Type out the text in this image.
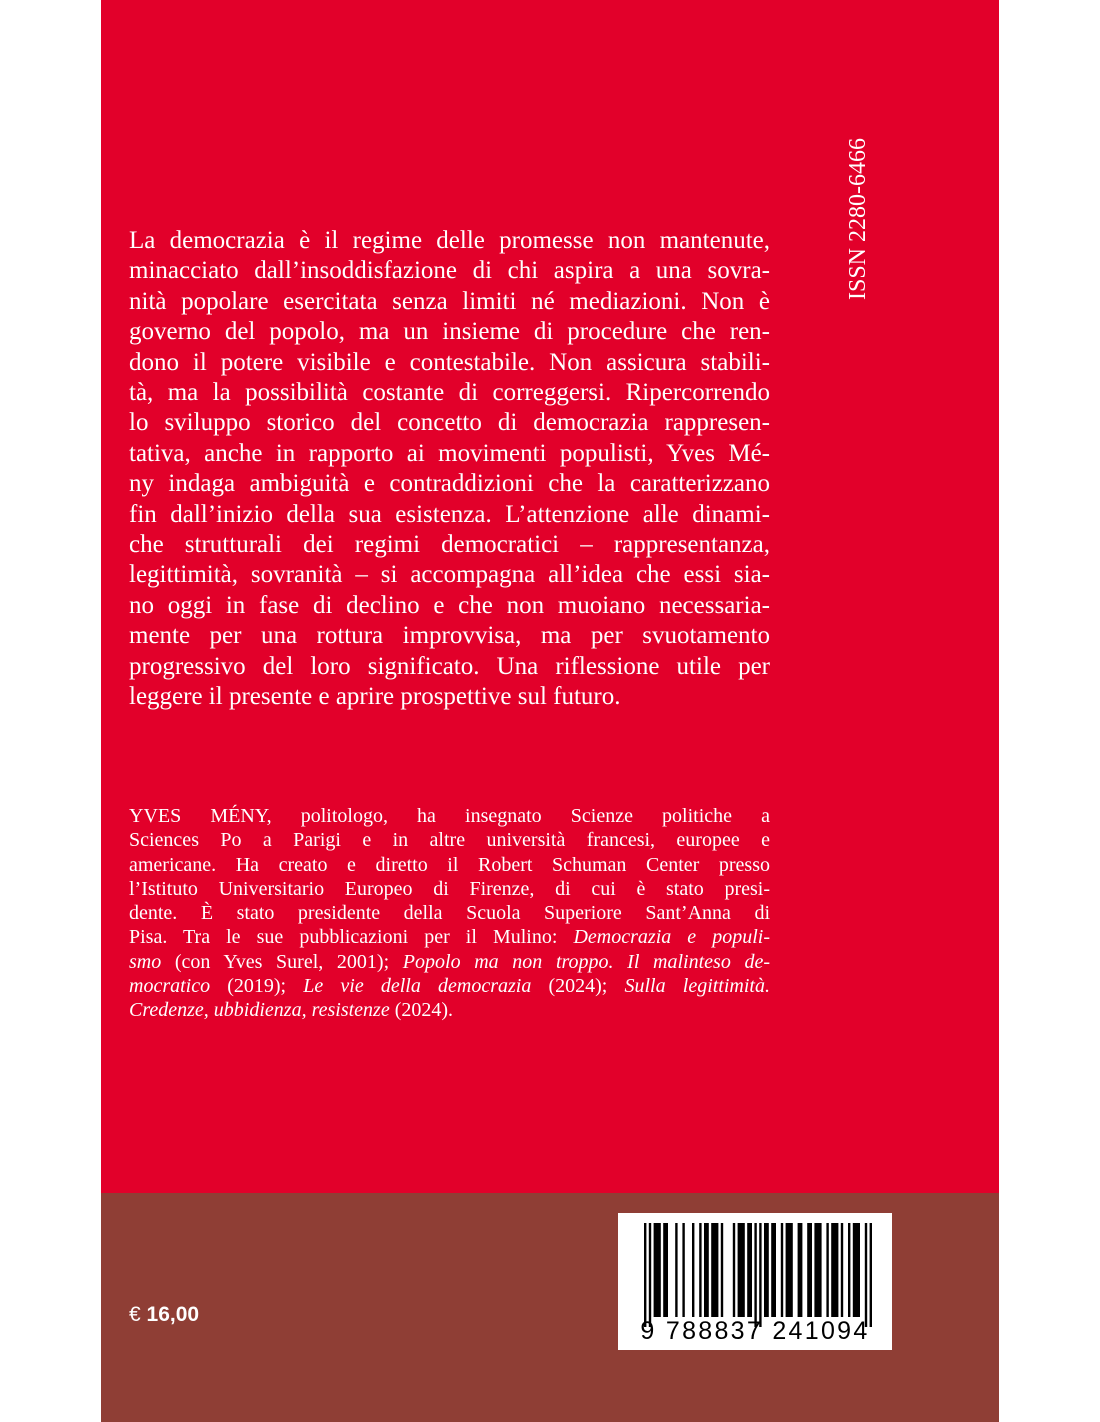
ISSN 2280-6466
La democrazia è il regime delle promesse non mantenute,
minacciato dall’insoddisfazione di chi aspira a una sovra-
nità popolare esercitata senza limiti né mediazioni. Non è
governo del popolo, ma un insieme di procedure che ren-
dono il potere visibile e contestabile. Non assicura stabili-
tà, ma la possibilità costante di correggersi. Ripercorrendo
lo sviluppo storico del concetto di democrazia rappresen-
tativa, anche in rapporto ai movimenti populisti, Yves Mé-
ny indaga ambiguità e contraddizioni che la caratterizzano
fin dall’inizio della sua esistenza. L’attenzione alle dinami-
che strutturali dei regimi democratici – rappresentanza,
legittimità, sovranità – si accompagna all’idea che essi sia-
no oggi in fase di declino e che non muoiano necessaria-
mente per una rottura improvvisa, ma per svuotamento
progressivo del loro significato. Una riflessione utile per
leggere il presente e aprire prospettive sul futuro.
YVES MÉNY, politologo, ha insegnato Scienze politiche a
Sciences Po a Parigi e in altre università francesi, europee e
americane. Ha creato e diretto il Robert Schuman Center presso
l’Istituto Universitario Europeo di Firenze, di cui è stato presi-
dente. È stato presidente della Scuola Superiore Sant’Anna di
Pisa. Tra le sue pubblicazioni per il Mulino: Democrazia e populi-
smo (con Yves Surel, 2001); Popolo ma non troppo. Il malinteso de-
mocratico (2019); Le vie della democrazia (2024); Sulla legittimità.
Credenze, ubbidienza, resistenze (2024).
€ 16,00
9 788837 241094
